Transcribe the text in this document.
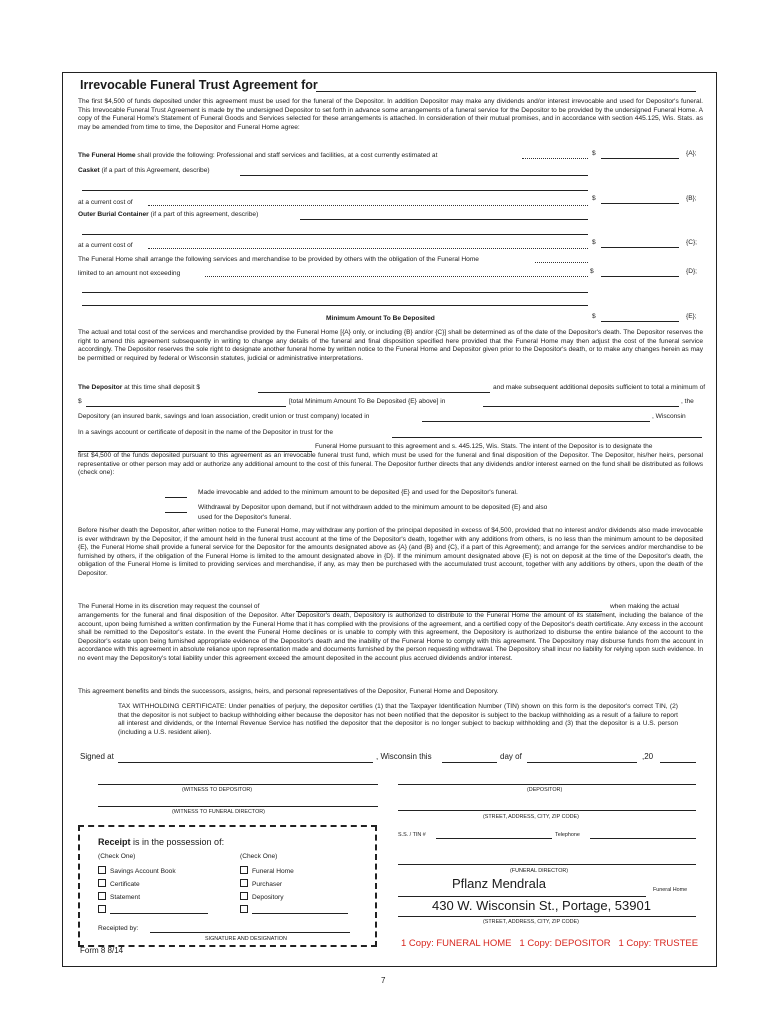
Irrevocable Funeral Trust Agreement for

The first $4,500 of funds deposited under this agreement must be used for the funeral of the Depositor. In addition Depositor may make any dividends and/or interest irrevocable and used for Depositor's funeral. This Irrevocable Funeral Trust Agreement is made by the undersigned Depositor to set forth in advance some arrangements of a funeral service for the Depositor to be provided by the undersigned Funeral Home. A copy of the Funeral Home's Statement of Funeral Goods and Services selected for these arrangements is attached. In consideration of their mutual promises, and in accordance with section 445.125, Wis. Stats. as may be amended from time to time, the Depositor and Funeral Home agree:

The Funeral Home shall provide the following: Professional and staff services and facilities, at a cost currently estimated at	$	{A};
Casket (if a part of this Agreement, describe)
at a current cost of
$	{B};
Outer Burial Container (if a part of this agreement, describe)
at a current cost of	$	{C};
The Funeral Home shall arrange the following services and merchandise to be provided by others with the obligation of the Funeral Home
limited to an amount not exceeding	$	{D};
Minimum Amount To Be Deposited	$	{E};

The actual and total cost of the services and merchandise provided by the Funeral Home [{A} only, or including {B} and/or {C}] shall be determined as of the date of the Depositor's death. The Depositor reserves the right to amend this agreement subsequently in writing to change any details of the funeral and final disposition specified here provided that the Funeral Home may then adjust the cost of the funeral service accordingly. The Depositor reserves the sole right to designate another funeral home by written notice to the Funeral Home and Depositor given prior to the Depositor's death, or to make any changes herein as may be permitted or required by federal or Wisconsin statutes, judicial or administrative interpretations.

The Depositor at this time shall deposit $	and make subsequent additional deposits sufficient to total a minimum of
$	[total Minimum Amount To Be Deposited {E} above] in	, the
Depository (an insured bank, savings and loan association, credit union or trust company) located in	, Wisconsin
In a savings account or certificate of deposit in the name of the Depositor in trust for the
Funeral Home pursuant to this agreement and s. 445.125, Wis. Stats. The intent of the Depositor is to designate the

first $4,500 of the funds deposited pursuant to this agreement as an irrevocable funeral trust fund, which must be used for the funeral and final disposition of the Depositor. The Depositor, his/her heirs, personal representative or other person may add or authorize any additional amount to the cost of this funeral. The Depositor further directs that any dividends and/or interest earned on the fund shall be distributed as follows (check one):

Made irrevocable and added to the minimum amount to be deposited {E} and used for the Depositor's funeral.
Withdrawal by Depositor upon demand, but if not withdrawn added to the minimum amount to be deposited {E} and also
used for the Depositor's funeral.

Before his/her death the Depositor, after written notice to the Funeral Home, may withdraw any portion of the principal deposited in excess of $4,500, provided that no interest and/or dividends also made irrevocable is ever withdrawn by the Depositor, if the amount held in the funeral trust account at the time of the Depositor's death, together with any additions from others, is no less than the minimum amount to be deposited {E}, the Funeral Home shall provide a funeral service for the Depositor for the amounts designated above as {A} (and {B} and {C}, if a part of this Agreement); and arrange for the services and/or merchandise to be furnished by others, if the obligation of the Funeral Home is limited to the amount designated above in {D}. If the minimum amount designated above {E} is not on deposit at the time of the Depositor's death, the obligation of the Funeral Home is limited to providing services and merchandise, if any, as may then be purchased with the accumulated trust account, together with any additions by others, upon the death of the Depositor.

The Funeral Home in its discretion may request the counsel of	when making the actual

arrangements for the funeral and final disposition of the Depositor. After Depositor's death, Depository is authorized to distribute to the Funeral Home the amount of its statement, including the balance of the account, upon being furnished a written confirmation by the Funeral Home that it has complied with the provisions of the agreement, and a certified copy of the Depositor's death certificate. Any excess in the account shall be remitted to the Depositor's estate. In the event the Funeral Home declines or is unable to comply with this agreement, the Depository is authorized to disburse the entire balance of the account to the Depositor's estate upon being furnished appropriate evidence of the Depositor's death and the inability of the Funeral Home to comply with this agreement. The Depository may disburse funds from the account in accordance with this agreement in absolute reliance upon representation made and documents furnished by the person requesting withdrawal. The Depository shall incur no liability for relying upon such evidence. In no event may the Depository's total liability under this agreement exceed the amount deposited in the account plus accrued dividends and/or interest.

This agreement benefits and binds the successors, assigns, heirs, and personal representatives of the Depositor, Funeral Home and Depository.

TAX WITHHOLDING CERTIFICATE: Under penalties of perjury, the depositor certifies (1) that the Taxpayer Identification Number (TIN) shown on this form is the depositor's correct TIN, (2) that the depositor is not subject to backup withholding either because the depositor has not been notified that the depositor is subject to the backup withholding as a result of a failure to report all interest and dividends, or the Internal Revenue Service has notified the depositor that the depositor is no longer subject to backup withholding and (3) that the depositor is a U.S. person (including a U.S. resident alien).

Signed at	, Wisconsin this	day of	,20
(WITNESS TO DEPOSITOR)	(DEPOSITOR)
(WITNESS TO FUNERAL DIRECTOR)
(STREET, ADDRESS, CITY, ZIP CODE)
S.S. / TIN #	Telephone
(FUNERAL DIRECTOR)
Pflanz Mendrala	Funeral Home
430 W. Wisconsin St., Portage, 53901
(STREET, ADDRESS, CITY, ZIP CODE)
Receipt is in the possession of:
(Check One)	(Check One)
Savings Account Book
Certificate
Statement
Funeral Home
Purchaser
Depository
Receipted by:
SIGNATURE AND DESIGNATION
Form 8 8/14
1 Copy: FUNERAL HOME   1 Copy: DEPOSITOR   1 Copy: TRUSTEE
7
